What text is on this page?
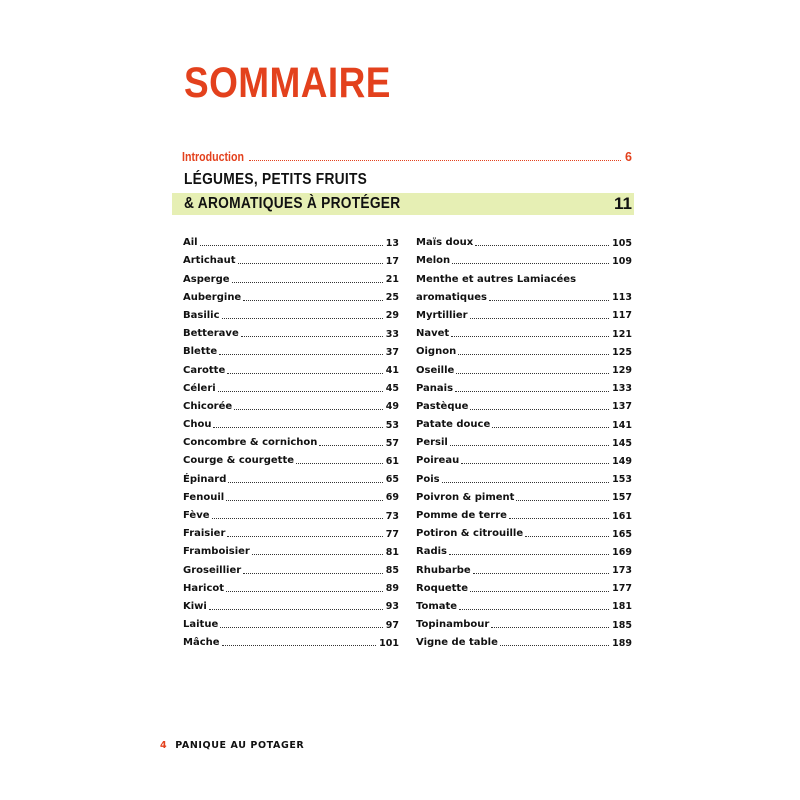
SOMMAIRE
Introduction	6
LÉGUMES, PETITS FRUITS
& AROMATIQUES À PROTÉGER	11
Ail	13
Artichaut	17
Asperge	21
Aubergine	25
Basilic	29
Betterave	33
Blette	37
Carotte	41
Céleri	45
Chicorée	49
Chou	53
Concombre & cornichon	57
Courge & courgette	61
Épinard	65
Fenouil	69
Fève	73
Fraisier	77
Framboisier	81
Groseillier	85
Haricot	89
Kiwi	93
Laitue	97
Mâche	101
Maïs doux	105
Melon	109
Menthe et autres Lamiacées
aromatiques	113
Myrtillier	117
Navet	121
Oignon	125
Oseille	129
Panais	133
Pastèque	137
Patate douce	141
Persil	145
Poireau	149
Pois	153
Poivron & piment	157
Pomme de terre	161
Potiron & citrouille	165
Radis	169
Rhubarbe	173
Roquette	177
Tomate	181
Topinambour	185
Vigne de table	189
4 PANIQUE AU POTAGER
